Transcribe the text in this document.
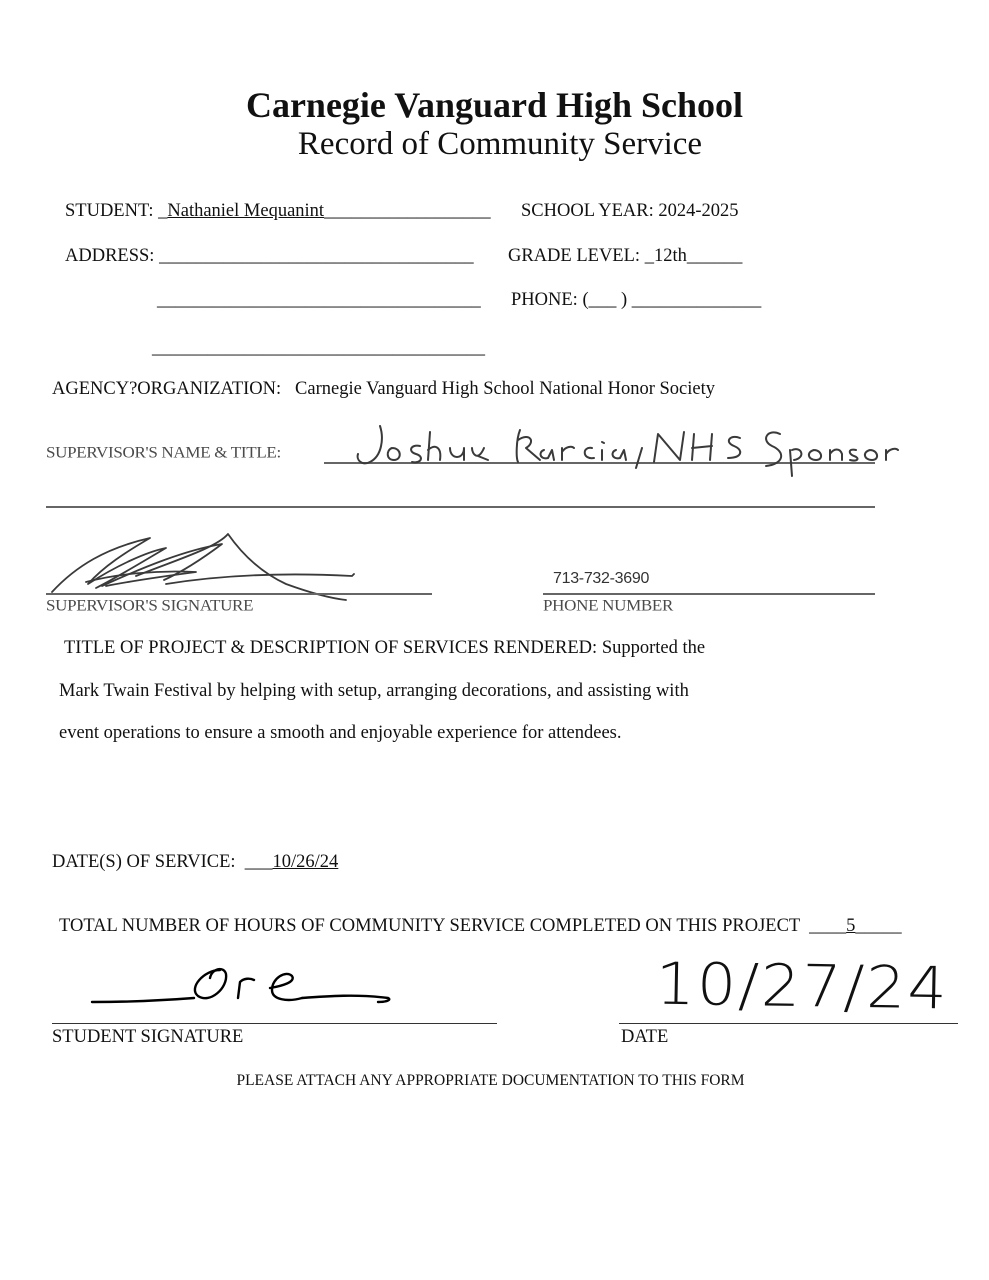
Carnegie Vanguard High School
Record of Community Service
STUDENT: _Nathaniel Mequanint__________________ SCHOOL YEAR: 2024-2025
ADDRESS: __________________________________ GRADE LEVEL: _12th______
___________________________________ PHONE: (___ ) ______________
____________________________________
AGENCY?ORGANIZATION: Carnegie Vanguard High School National Honor Society
SUPERVISOR'S NAME & TITLE:
SUPERVISOR'S SIGNATURE
713-732-3690
PHONE NUMBER
TITLE OF PROJECT & DESCRIPTION OF SERVICES RENDERED: Supported the
Mark Twain Festival by helping with setup, arranging decorations, and assisting with
event operations to ensure a smooth and enjoyable experience for attendees.
DATE(S) OF SERVICE: ___10/26/24
TOTAL NUMBER OF HOURS OF COMMUNITY SERVICE COMPLETED ON THIS PROJECT ____5_____
STUDENT SIGNATURE
10/27/24
DATE
PLEASE ATTACH ANY APPROPRIATE DOCUMENTATION TO THIS FORM
